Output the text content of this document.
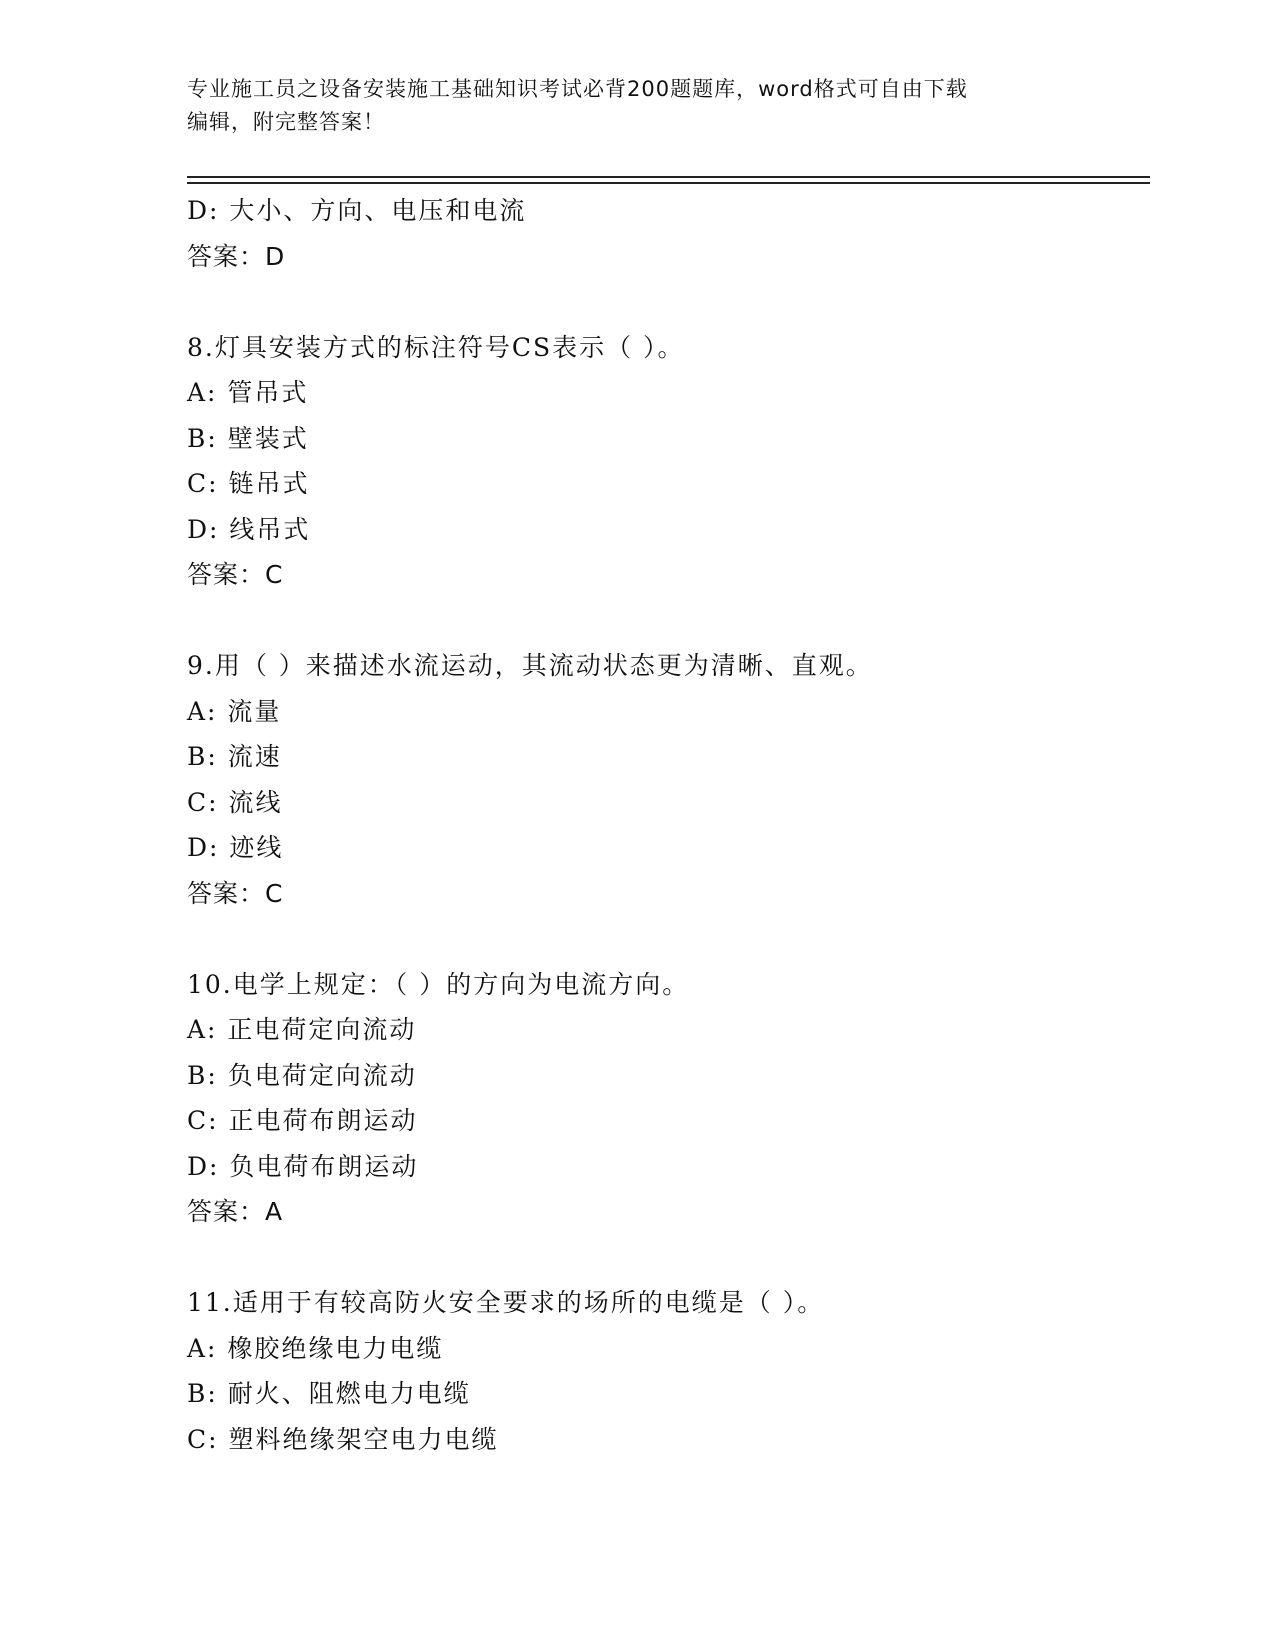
专业施工员之设备安装施工基础知识考试必背200题题库，word格式可自由下载
编辑，附完整答案！
D: 大小、方向、电压和电流
答案：D
8.灯具安装方式的标注符号CS表示（ ）。
A: 管吊式
B: 壁装式
C: 链吊式
D: 线吊式
答案：C
9.用（ ）来描述水流运动，其流动状态更为清晰、直观。
A: 流量
B: 流速
C: 流线
D: 迹线
答案：C
10.电学上规定：（ ）的方向为电流方向。
A: 正电荷定向流动
B: 负电荷定向流动
C: 正电荷布朗运动
D: 负电荷布朗运动
答案：A
11.适用于有较高防火安全要求的场所的电缆是（ ）。
A: 橡胶绝缘电力电缆
B: 耐火、阻燃电力电缆
C: 塑料绝缘架空电力电缆
